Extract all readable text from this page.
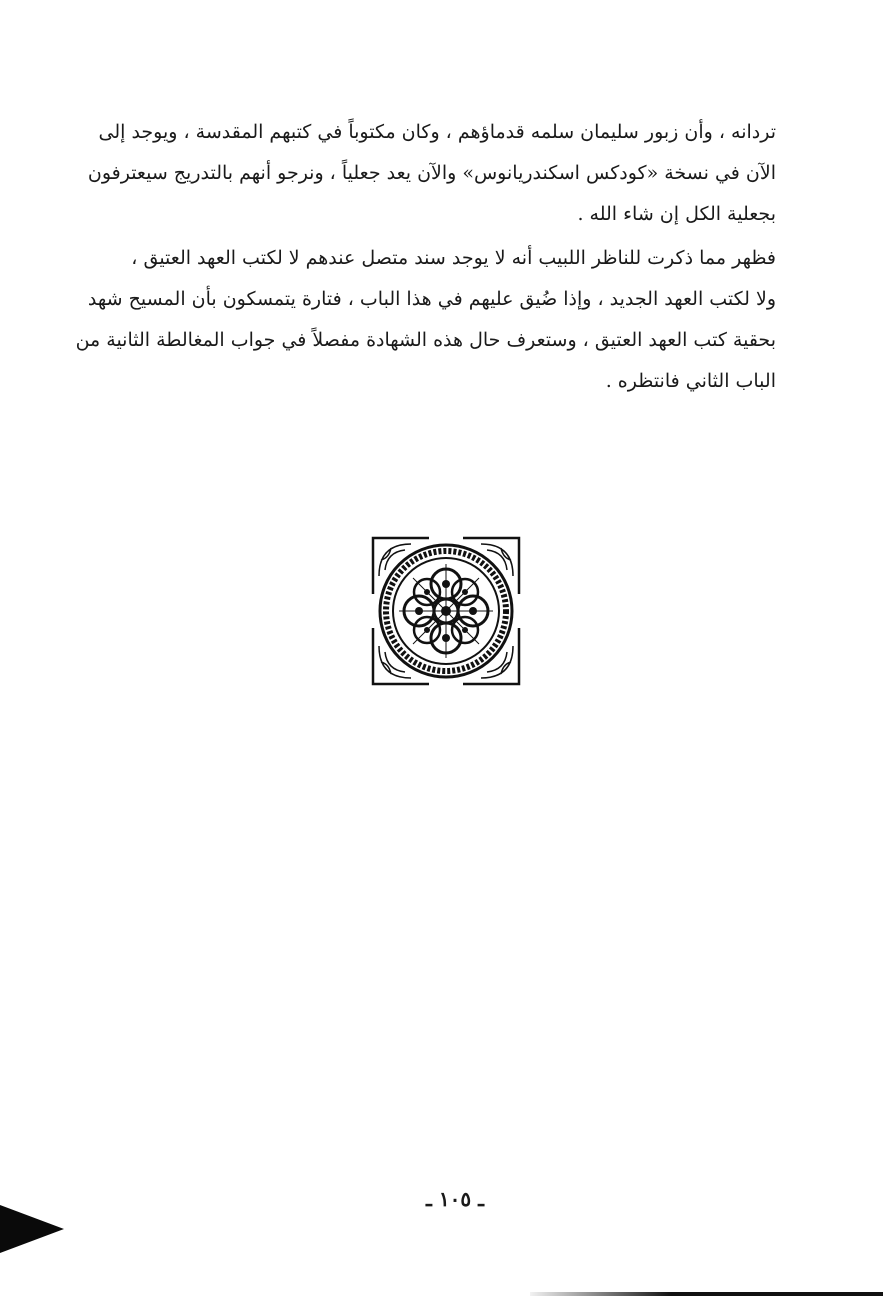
تردانه ، وأن زبور سليمان سلمه قدماؤهم ، وكان مكتوباً في كتبهم المقدسة ، ويوجد إلى
الآن في نسخة «كودكس اسكندريانوس» والآن يعد جعلياً ، ونرجو أنهم بالتدريج سيعترفون
بجعلية الكل إن شاء الله .
فظهر مما ذكرت للناظر اللبيب أنه لا يوجد سند متصل عندهم لا لكتب العهد العتيق ،
ولا لكتب العهد الجديد ، وإذا ضُيق عليهم في هذا الباب ، فتارة يتمسكون بأن المسيح شهد
بحقية كتب العهد العتيق ، وستعرف حال هذه الشهادة مفصلاً في جواب المغالطة الثانية من
الباب الثاني فانتظره .
ـ ١٠٥ ـ
